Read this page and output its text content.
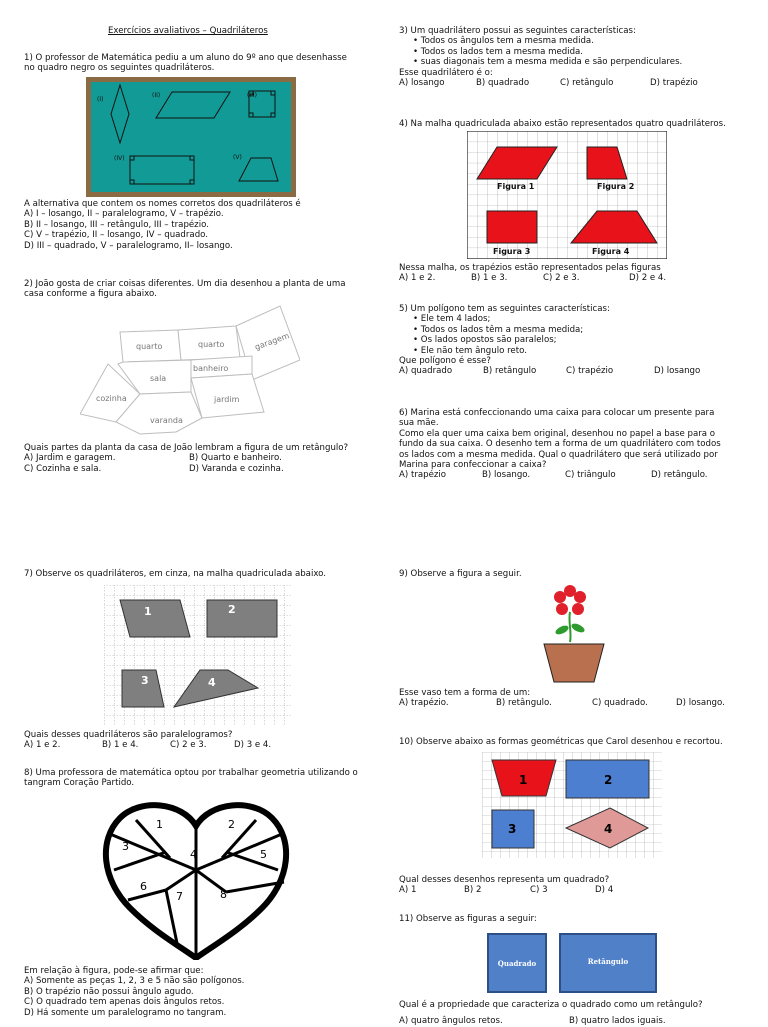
Exercícios avaliativos – Quadriláteros

1) O professor de Matemática pediu a um aluno do 9º ano que desenhasse

no quadro negro os seguintes quadriláteros.

(I)
(II)	(III)
(IV)	(V)

A alternativa que contem os nomes corretos dos quadriláteros é

A) I – losango, II – paralelogramo, V – trapézio.

B) II – losango, III – retângulo, III – trapézio.

C) V – trapézio, II – losango, IV – quadrado.

D) III – quadrado, V – paralelogramo, II– losango.

2) João gosta de criar coisas diferentes. Um dia desenhou a planta de uma

casa conforme a figura abaixo.

quarto	quarto	garagem
sala
banheiro
cozinha	jardim
varanda

Quais partes da planta da casa de João lembram a figura de um retângulo?

A) Jardim e garagem.	B) Quarto e banheiro.
C) Cozinha e sala.	D) Varanda e cozinha.

3) Um quadrilátero possui as seguintes características:

• Todos os ângulos tem a mesma medida.

• Todos os lados tem a mesma medida.

• suas diagonais tem a mesma medida e são perpendiculares.

Esse quadrilátero é o:

A) losango	B) quadrado	C) retângulo	D) trapézio

4) Na malha quadriculada abaixo estão representados quatro quadriláteros.

Figura 1	Figura 2
Figura 3	Figura 4

Nessa malha, os trapézios estão representados pelas figuras

A) 1 e 2.	B) 1 e 3.	C) 2 e 3.	D) 2 e 4.

5) Um polígono tem as seguintes características:

• Ele tem 4 lados;

• Todos os lados têm a mesma medida;

• Os lados opostos são paralelos;

• Ele não tem ângulo reto.

Que polígono é esse?

A) quadrado	B) retângulo	C) trapézio	D) losango

6) Marina está confeccionando uma caixa para colocar um presente para

sua mãe.

Como ela quer uma caixa bem original, desenhou no papel a base para o

fundo da sua caixa. O desenho tem a forma de um quadrilátero com todos

os lados com a mesma medida. Qual o quadrilátero que será utilizado por

Marina para confeccionar a caixa?

A) trapézio	B) losango.	C) triângulo	D) retângulo.

7) Observe os quadriláteros, em cinza, na malha quadriculada abaixo.

1	2
3	4

Quais desses quadriláteros são paralelogramos?

A) 1 e 2.	B) 1 e 4.	C) 2 e 3.	D) 3 e 4.

8) Uma professora de matemática optou por trabalhar geometria utilizando o

tangram Coração Partido.

1	2
3
4	5
6
7	8

Em relação à figura, pode-se afirmar que:

A) Somente as peças 1, 2, 3 e 5 não são polígonos.

B) O trapézio não possui ângulo agudo.

C) O quadrado tem apenas dois ângulos retos.

D) Há somente um paralelogramo no tangram.

9) Observe a figura a seguir.

Esse vaso tem a forma de um:

A) trapézio.	B) retângulo.	C) quadrado.	D) losango.

10) Observe abaixo as formas geométricas que Carol desenhou e recortou.

1	2
3	4

Qual desses desenhos representa um quadrado?

A) 1	B) 2	C) 3	D) 4

11) Observe as figuras a seguir:

Quadrado	Retângulo

Qual é a propriedade que caracteriza o quadrado como um retângulo?

A) quatro ângulos retos.	B) quatro lados iguais.
